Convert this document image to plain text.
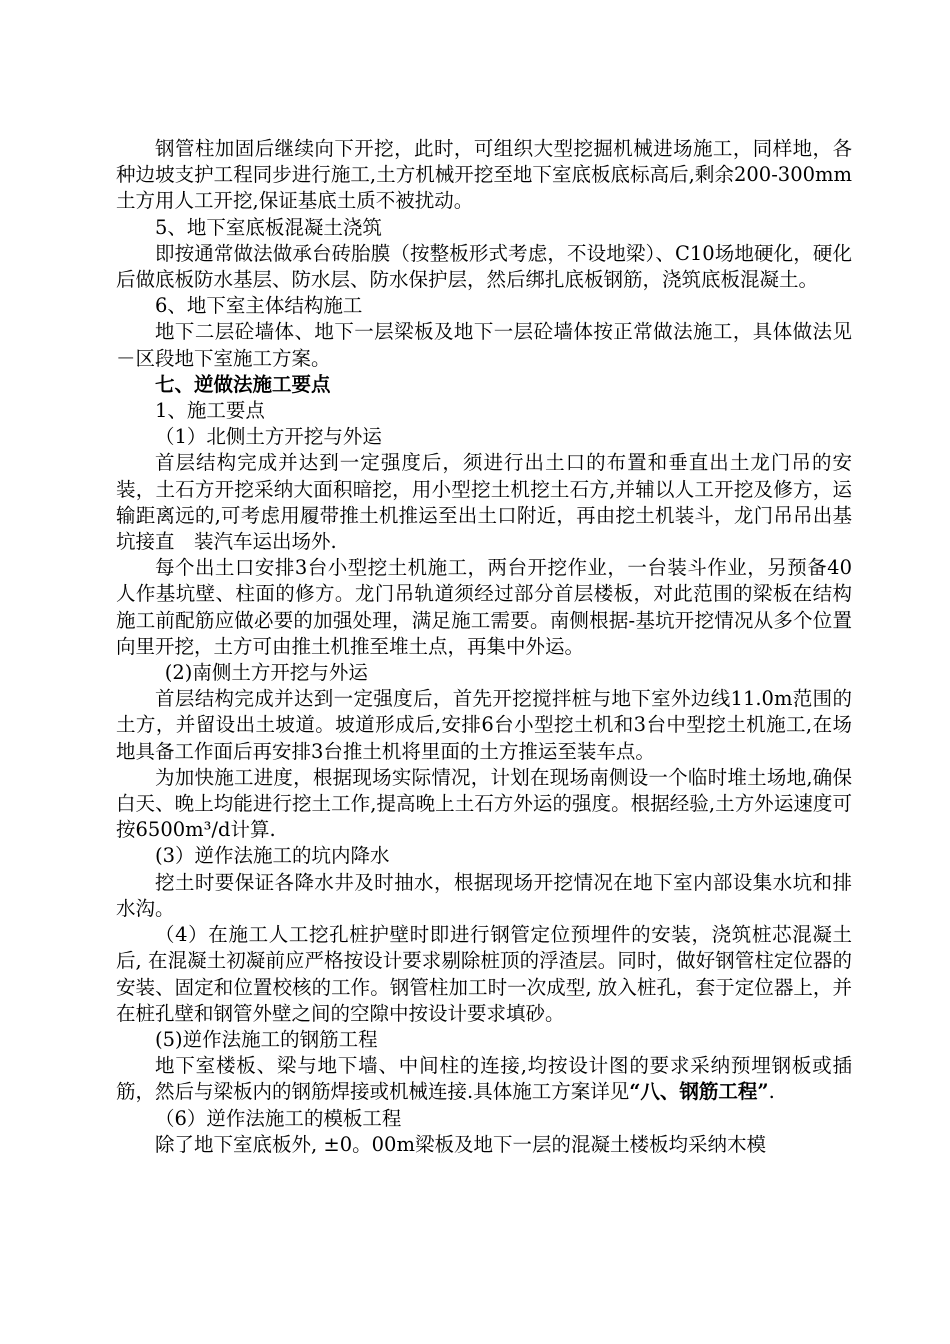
钢管柱加固后继续向下开挖，此时，可组织大型挖掘机械进场施工，同样地，各种边坡支护工程同步进行施工,土方机械开挖至地下室底板底标高后,剩余200-300mm土方用人工开挖,保证基底土质不被扰动。

5、地下室底板混凝土浇筑

即按通常做法做承台砖胎膜（按整板形式考虑，不设地梁）、C10场地硬化，硬化后做底板防水基层、防水层、防水保护层，然后绑扎底板钢筋，浇筑底板混凝土。

6、地下室主体结构施工

地下二层砼墙体、地下一层梁板及地下一层砼墙体按正常做法施工，具体做法见－区段地下室施工方案。

七、逆做法施工要点

1、施工要点

（1）北侧土方开挖与外运

首层结构完成并达到一定强度后，须进行出土口的布置和垂直出土龙门吊的安装，土石方开挖采纳大面积暗挖，用小型挖土机挖土石方,并辅以人工开挖及修方，运输距离远的,可考虑用履带推土机推运至出土口附近，再由挖土机装斗，龙门吊吊出基坑接直　装汽车运出场外.

每个出土口安排3台小型挖土机施工，两台开挖作业，一台装斗作业，另预备40人作基坑壁、柱面的修方。龙门吊轨道须经过部分首层楼板，对此范围的梁板在结构施工前配筋应做必要的加强处理，满足施工需要。南侧根据-基坑开挖情况从多个位置向里开挖，土方可由推土机推至堆土点，再集中外运。

(2)南侧土方开挖与外运

首层结构完成并达到一定强度后，首先开挖搅拌桩与地下室外边线11.0m范围的土方，并留设出土坡道。坡道形成后,安排6台小型挖土机和3台中型挖土机施工,在场地具备工作面后再安排3台推土机将里面的土方推运至装车点。

为加快施工进度，根据现场实际情况，计划在现场南侧设一个临时堆土场地,确保白天、晚上均能进行挖土工作,提高晚上土石方外运的强度。根据经验,土方外运速度可按6500m³/d计算.

(3）逆作法施工的坑内降水

挖土时要保证各降水井及时抽水，根据现场开挖情况在地下室内部设集水坑和排水沟。

（4）在施工人工挖孔桩护壁时即进行钢管定位预埋件的安装，浇筑桩芯混凝土后, 在混凝土初凝前应严格按设计要求剔除桩顶的浮渣层。同时，做好钢管柱定位器的安装、固定和位置校核的工作。钢管柱加工时一次成型, 放入桩孔，套于定位器上，并在桩孔壁和钢管外壁之间的空隙中按设计要求填砂。

(5)逆作法施工的钢筋工程

地下室楼板、梁与地下墙、中间柱的连接,均按设计图的要求采纳预埋钢板或插筋，然后与梁板内的钢筋焊接或机械连接.具体施工方案详见“八、钢筋工程”.

（6）逆作法施工的模板工程

除了地下室底板外, ±0。00m梁板及地下一层的混凝土楼板均采纳木模
